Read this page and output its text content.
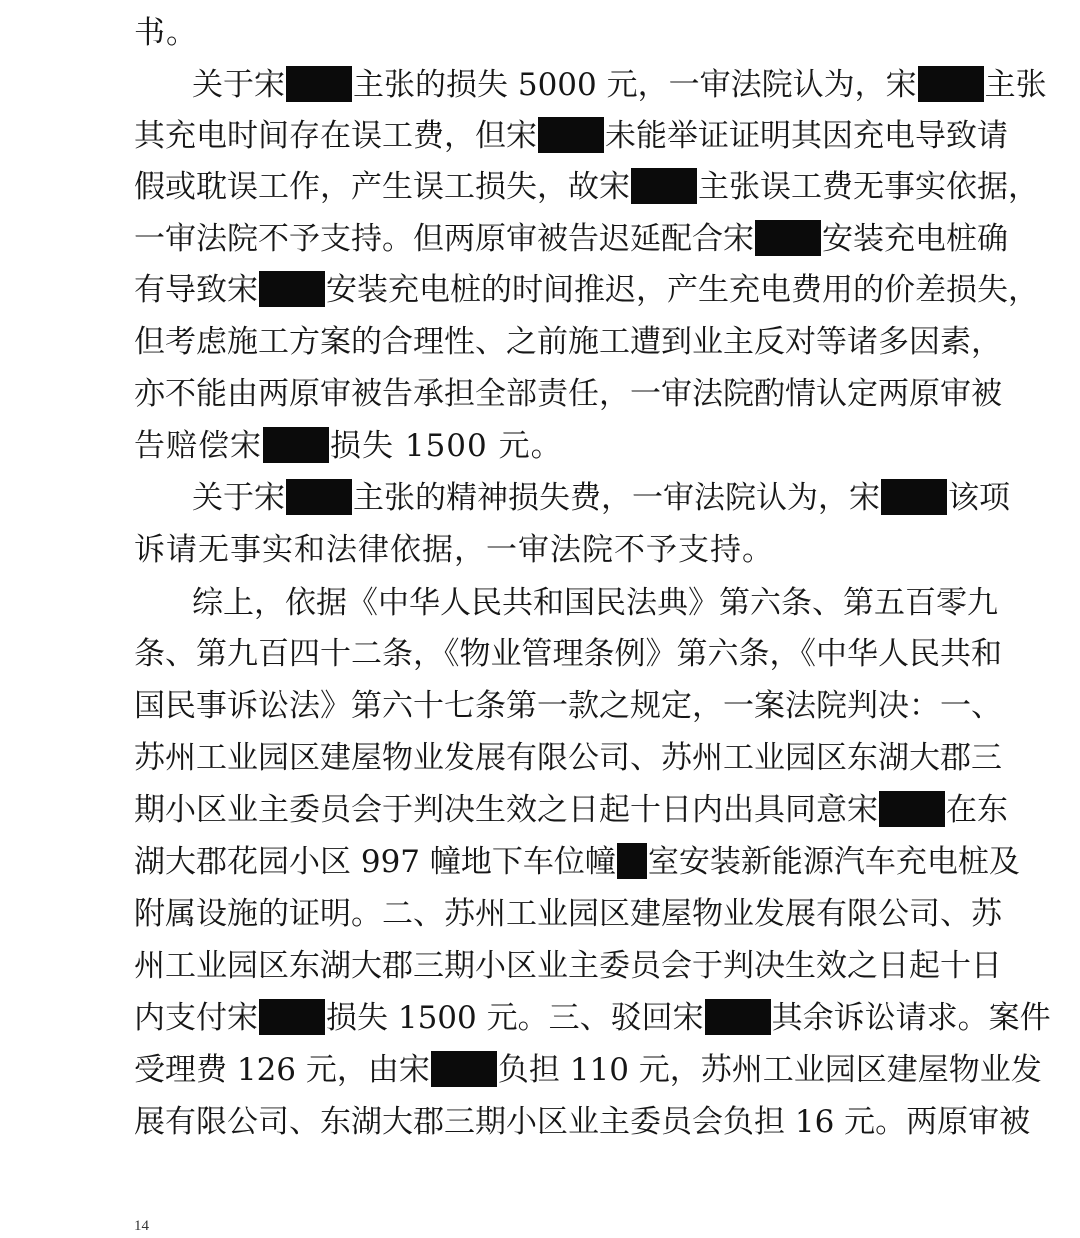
书。
关于宋 主张的损失 5000 元，一审法院认为，宋 主张
其充电时间存在误工费，但宋 未能举证证明其因充电导致请
假或耽误工作，产生误工损失，故宋 主张误工费无事实依据，
一审法院不予支持。但两原审被告迟延配合宋 安装充电桩确
有导致宋 安装充电桩的时间推迟，产生充电费用的价差损失，
但考虑施工方案的合理性、之前施工遭到业主反对等诸多因素，
亦不能由两原审被告承担全部责任，一审法院酌情认定两原审被
告赔偿宋 损失 1500 元。
关于宋 主张的精神损失费，一审法院认为，宋 该项
诉请无事实和法律依据，一审法院不予支持。
综上，依据《中华人民共和国民法典》第六条、第五百零九
条、第九百四十二条，《物业管理条例》第六条，《中华人民共和
国民事诉讼法》第六十七条第一款之规定，一案法院判决：一、
苏州工业园区建屋物业发展有限公司、苏州工业园区东湖大郡三
期小区业主委员会于判决生效之日起十日内出具同意宋 在东
湖大郡花园小区 997 幢地下车位幢 室安装新能源汽车充电桩及
附属设施的证明。二、苏州工业园区建屋物业发展有限公司、苏
州工业园区东湖大郡三期小区业主委员会于判决生效之日起十日
内支付宋 损失 1500 元。三、驳回宋 其余诉讼请求。案件
受理费 126 元，由宋 负担 110 元，苏州工业园区建屋物业发
展有限公司、东湖大郡三期小区业主委员会负担 16 元。两原审被
14
